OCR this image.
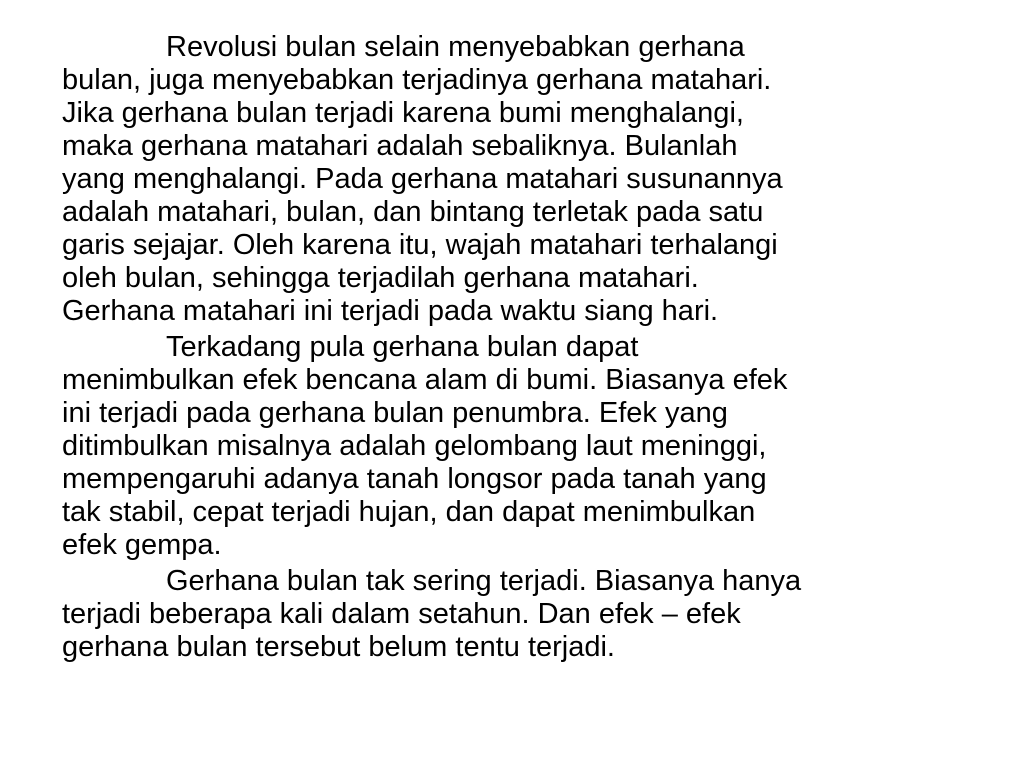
Revolusi bulan selain menyebabkan gerhana
bulan, juga menyebabkan terjadinya gerhana matahari.
Jika gerhana bulan terjadi karena bumi menghalangi,
maka gerhana matahari adalah sebaliknya. Bulanlah
yang menghalangi. Pada gerhana matahari susunannya
adalah matahari, bulan, dan bintang terletak pada satu
garis sejajar. Oleh karena itu, wajah matahari terhalangi
oleh bulan, sehingga terjadilah gerhana matahari.
Gerhana matahari ini terjadi pada waktu siang hari.
Terkadang pula gerhana bulan dapat
menimbulkan efek bencana alam di bumi. Biasanya efek
ini terjadi pada gerhana bulan penumbra. Efek yang
ditimbulkan misalnya adalah gelombang laut meninggi,
mempengaruhi adanya tanah longsor pada tanah yang
tak stabil, cepat terjadi hujan, dan dapat menimbulkan
efek gempa.
Gerhana bulan tak sering terjadi. Biasanya hanya
terjadi beberapa kali dalam setahun. Dan efek – efek
gerhana bulan tersebut belum tentu terjadi.
